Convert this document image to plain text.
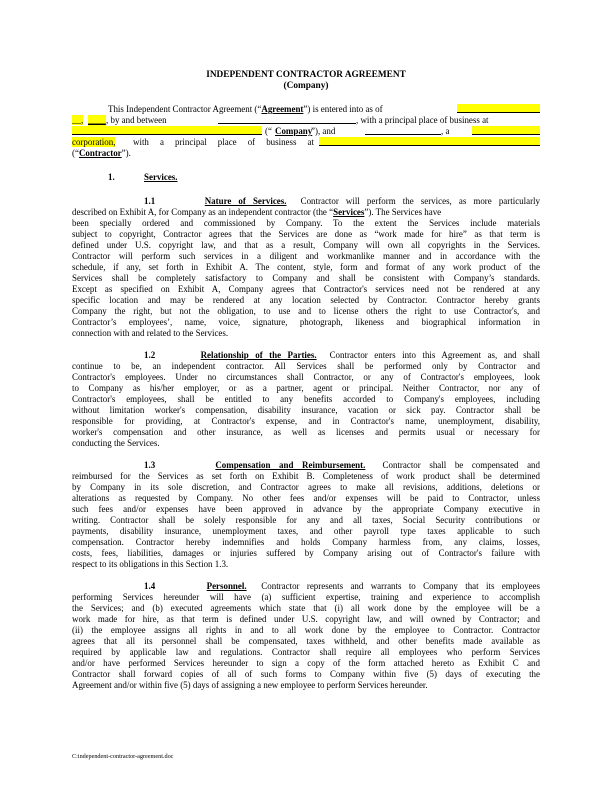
INDEPENDENT CONTRACTOR AGREEMENT
(Company)
This Independent Contractor Agreement (“Agreement”) is entered into as of
__, ____ , by and between	, with a principal place of business at
(“ Company
”), and	, a
corporation, with a principal place of business at
(“Contractor”).
1.	Services.
1.1	Nature of Services. Contractor will perform the services, as more particularly
described on Exhibit A, for Company as an independent contractor (the “Services”). The Services have
been specially ordered and commissioned by Company. To the extent the Services include materials
subject to copyright, Contractor agrees that the Services are done as “work made for hire” as that term is
defined under U.S. copyright law, and that as a result, Company will own all copyrights in the Services.
Contractor will perform such services in a diligent and workmanlike manner and in accordance with the
schedule, if any, set forth in Exhibit A. The content, style, form and format of any work product of the
Services shall be completely satisfactory to Company and shall be consistent with Company’s standards.
Except as specified on Exhibit A, Company agrees that Contractor's services need not be rendered at any
specific location and may be rendered at any location selected by Contractor. Contractor hereby grants
Company the right, but not the obligation, to use and to license others the right to use Contractor's, and
Contractor’s employees’, name, voice, signature, photograph, likeness and biographical information in
connection with and related to the Services.
1.2	Relationship of the Parties. Contractor enters into this Agreement as, and shall
continue to be, an independent contractor. All Services shall be performed only by Contractor and
Contractor's employees. Under no circumstances shall Contractor, or any of Contractor's employees, look
to Company as his/her employer, or as a partner, agent or principal. Neither Contractor, nor any of
Contractor's employees, shall be entitled to any benefits accorded to Company's employees, including
without limitation worker's compensation, disability insurance, vacation or sick pay. Contractor shall be
responsible for providing, at Contractor's expense, and in Contractor's name, unemployment, disability,
worker's compensation and other insurance, as well as licenses and permits usual or necessary for
conducting the Services.
1.3	Compensation and Reimbursement. Contractor shall be compensated and
reimbursed for the Services as set forth on Exhibit B. Completeness of work product shall be determined
by Company in its sole discretion, and Contractor agrees to make all revisions, additions, deletions or
alterations as requested by Company. No other fees and/or expenses will be paid to Contractor, unless
such fees and/or expenses have been approved in advance by the appropriate Company executive in
writing. Contractor shall be solely responsible for any and all taxes, Social Security contributions or
payments, disability insurance, unemployment taxes, and other payroll type taxes applicable to such
compensation. Contractor hereby indemnifies and holds Company harmless from, any claims, losses,
costs, fees, liabilities, damages or injuries suffered by Company arising out of Contractor's failure with
respect to its obligations in this Section 1.3.
1.4	Personnel. Contractor represents and warrants to Company that its employees
performing Services hereunder will have (a) sufficient expertise, training and experience to accomplish
the Services; and (b) executed agreements which state that (i) all work done by the employee will be a
work made for hire, as that term is defined under U.S. copyright law, and will owned by Contractor; and
(ii) the employee assigns all rights in and to all work done by the employee to Contractor. Contractor
agrees that all its personnel shall be compensated, taxes withheld, and other benefits made available as
required by applicable law and regulations. Contractor shall require all employees who perform Services
and/or have performed Services hereunder to sign a copy of the form attached hereto as Exhibit C and
Contractor shall forward copies of all of such forms to Company within five (5) days of executing the
Agreement and/or within five (5) days of assigning a new employee to perform Services hereunder.
C:independent-contractor-agreement.doc
